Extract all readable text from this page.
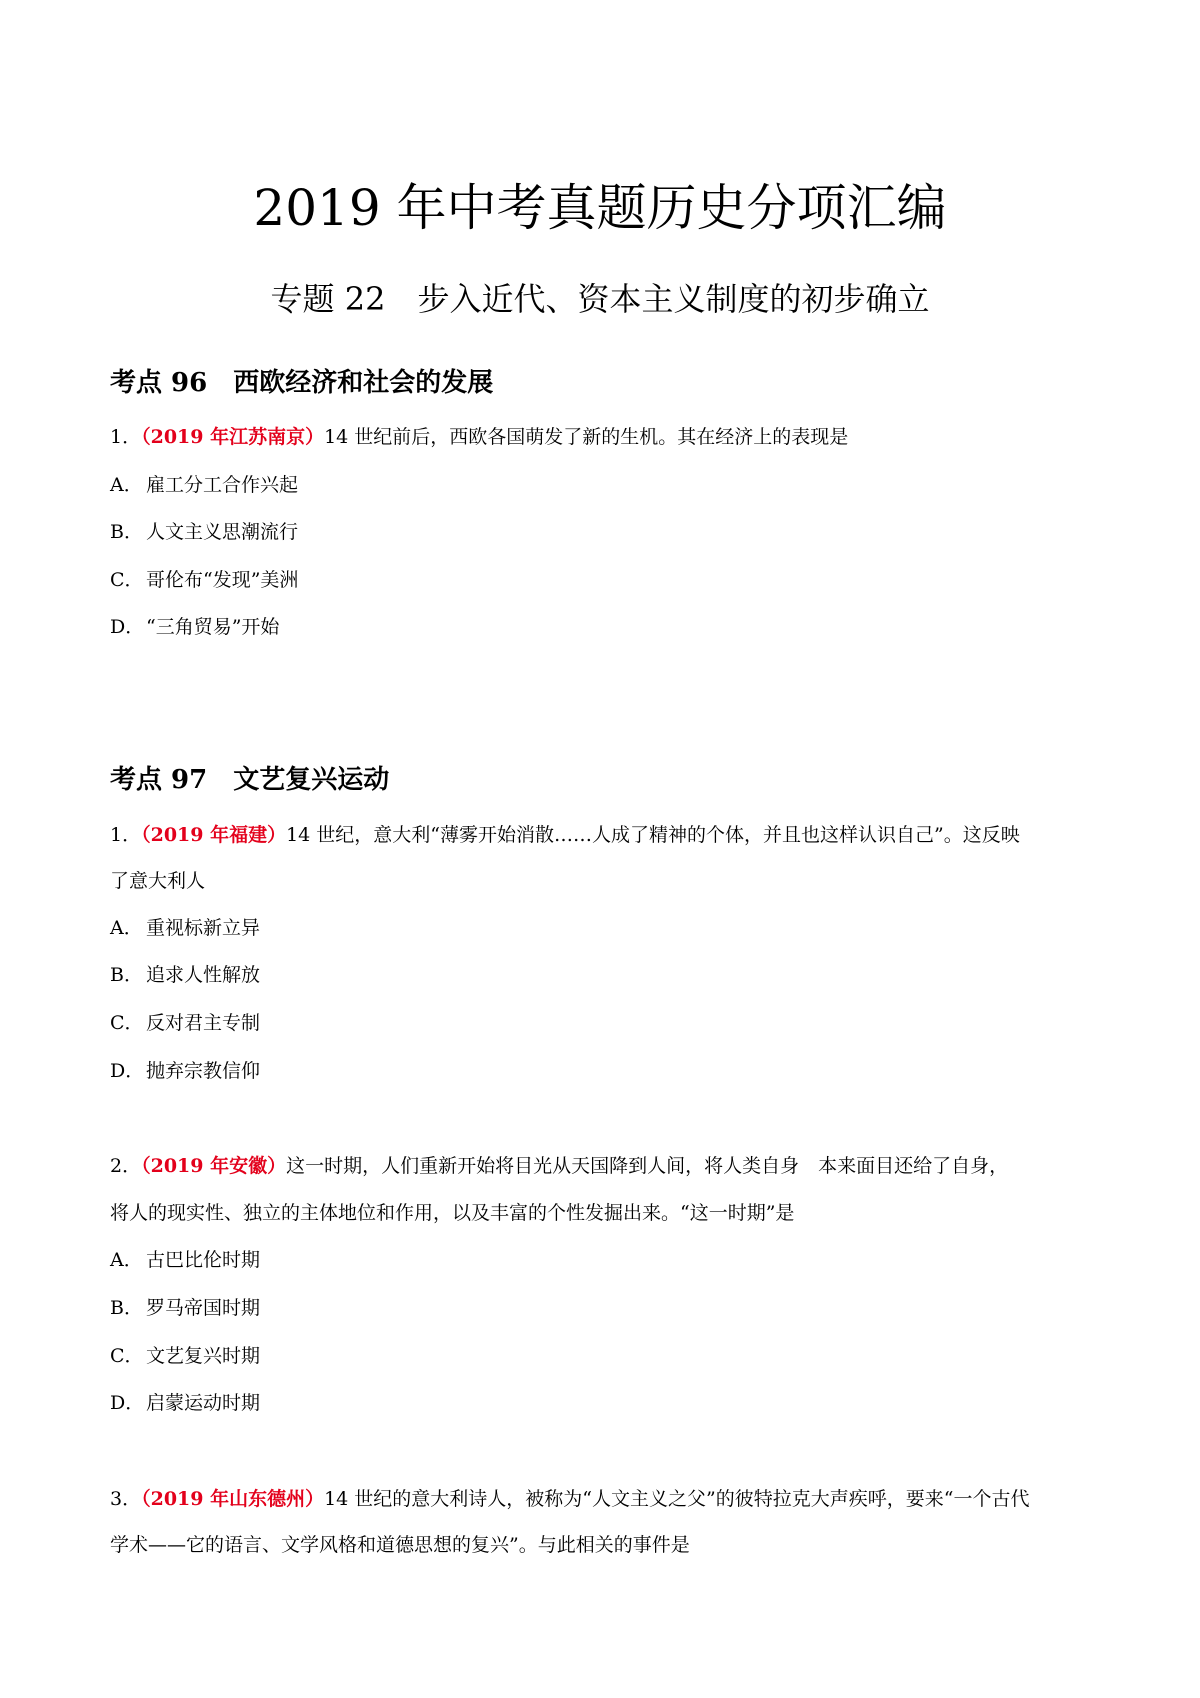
2019 年中考真题历史分项汇编
专题 22　步入近代、资本主义制度的初步确立
考点 96　西欧经济和社会的发展
1．（2019 年江苏南京）14 世纪前后，西欧各国萌发了新的生机。其在经济上的表现是
A． 雇工分工合作兴起
B． 人文主义思潮流行
C． 哥伦布“发现”美洲
D．“三角贸易”开始
考点 97　文艺复兴运动
1．（2019 年福建）14 世纪，意大利“薄雾开始消散……人成了精神的个体，并且也这样认识自己”。这反映
了意大利人
A． 重视标新立异
B． 追求人性解放
C． 反对君主专制
D．抛弃宗教信仰
2．（2019 年安徽）这一时期，人们重新开始将目光从天国降到人间，将人类自身　本来面目还给了自身，
将人的现实性、独立的主体地位和作用，以及丰富的个性发掘出来。“这一时期”是
A． 古巴比伦时期
B． 罗马帝国时期
C． 文艺复兴时期
D．启蒙运动时期
3．（2019 年山东德州）14 世纪的意大利诗人，被称为“人文主义之父”的彼特拉克大声疾呼，要来“一个古代
学术——它的语言、文学风格和道德思想的复兴”。与此相关的事件是
